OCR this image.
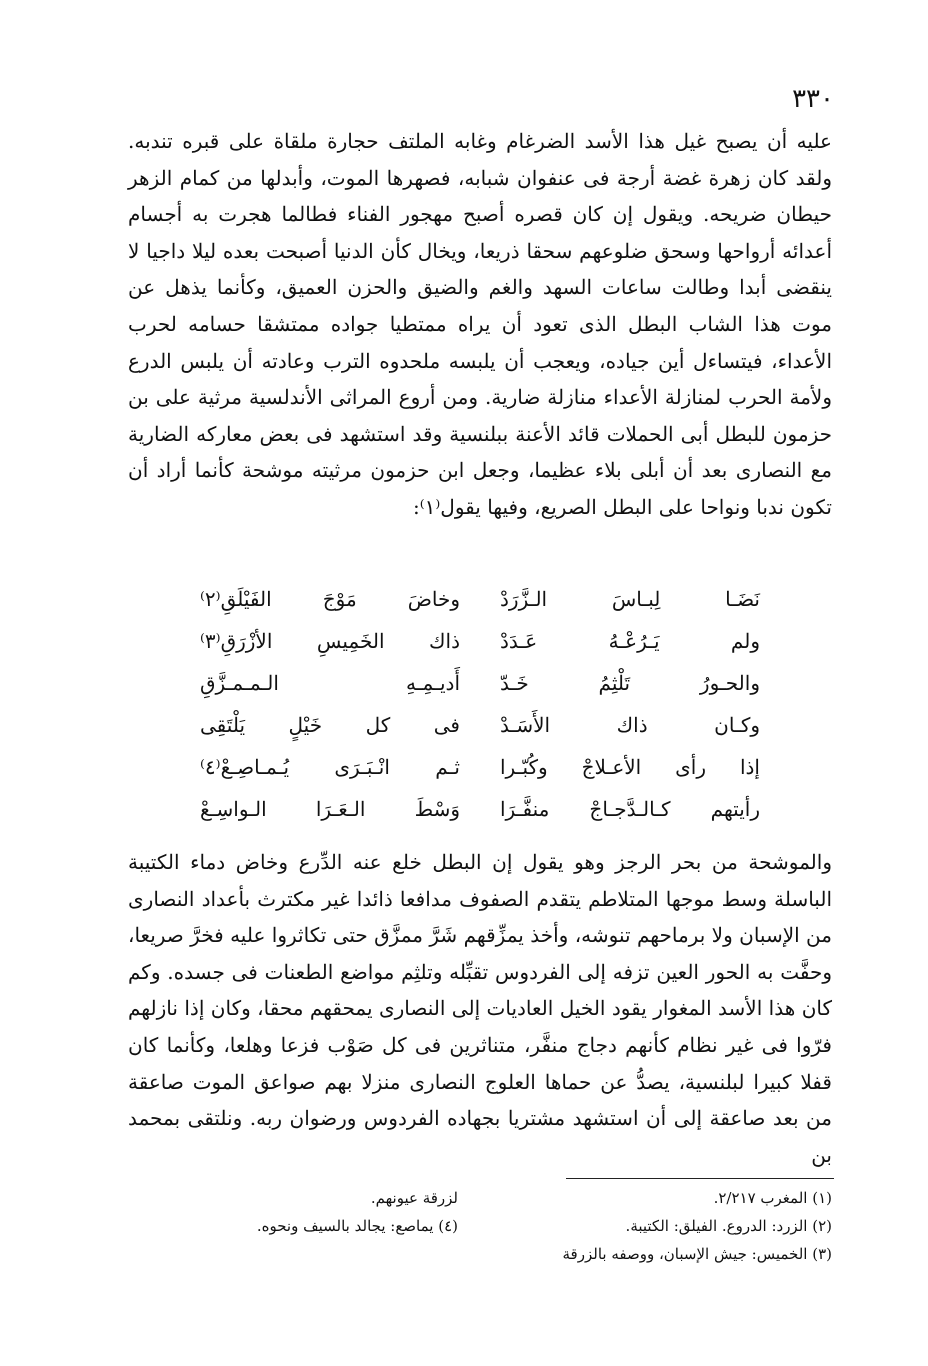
٣٣٠

عليه أن يصبح غيل هذا الأسد الضرغام وغابه الملتف حجارة ملقاة على قبره تندبه. ولقد كان زهرة غضة أرجة فى عنفوان شبابه، فصهرها الموت، وأبدلها من كمام الزهر حيطان ضريحه. ويقول إن كان قصره أصبح مهجور الفناء فطالما هجرت به أجسام أعدائه أرواحها وسحق ضلوعهم سحقا ذريعا، ويخال كأن الدنيا أصبحت بعده ليلا داجيا لا ينقضى أبدا وطالت ساعات السهد والغم والضيق والحزن العميق، وكأنما يذهل عن موت هذا الشاب البطل الذى تعود أن يراه ممتطيا جواده ممتشقا حسامه لحرب الأعداء، فيتساءل أين جياده، ويعجب أن يلبسه ملحدوه الترب وعادته أن يلبس الدرع ولأمة الحرب لمنازلة الأعداء منازلة ضارية. ومن أروع المراثى الأندلسية مرثية على بن حزمون للبطل أبى الحملات قائد الأعنة ببلنسية وقد استشهد فى بعض معاركه الضارية مع النصارى بعد أن أبلى بلاء عظيما، وجعل ابن حزمون مرثيته موشحة كأنما أراد أن تكون ندبا ونواحا على البطل الصريع، وفيها يقول⁽١⁾:

نَضَـا لِبـاسَ الـزَّرَدْ
وخاضَ مَوْجَ الفَيْلَقِ⁽٢⁾
ولم يَـرُعْـهُ عَـدَدْ
ذاك الخَمِيسِ الأزْرَقِ⁽٣⁾
والحـورُ تَلْثِمُ خَـدّ
أَديـمِـهِ الـمـمـزَّقِ
وكـان ذاك الأَسَـدْ
فى كل خَيْلٍ يَلْتَقِى
إذا رأى الأعـلاجْ وكُبّـرا
ثـم انْـبَـرَى يُـمـاصِـعْ⁽٤⁾
رأيتهم كـالـدَّجـاجْ منفَّـرَا
وَسْطَ الـعَـرَا الـواسِـعْ

والموشحة من بحر الرجز وهو يقول إن البطل خلع عنه الدِّرع وخاض دماء الكتيبة الباسلة وسط موجها المتلاطم يتقدم الصفوف مدافعا ذائدا غير مكترث بأعداد النصارى من الإسبان ولا برماحهم تنوشه، وأخذ يمزِّقهم شَرَّ ممزَّق حتى تكاثروا عليه فخرَّ صريعا، وحفَّت به الحور العين تزفه إلى الفردوس تقبِّله وتلثِم مواضع الطعنات فى جسده. وكم كان هذا الأسد المغوار يقود الخيل العاديات إلى النصارى يمحقهم محقا، وكان إذا نازلهم فرّوا فى غير نظام كأنهم دجاج منفَّر، متناثرين فى كل صَوْب فزعا وهلعا، وكأنما كان قفلا كبيرا لبلنسية، يصدُّ عن حماها العلوج النصارى منزلا بهم صواعق الموت صاعقة من بعد صاعقة إلى أن استشهد مشتريا بجهاده الفردوس ورضوان ربه. ونلتقى بمحمد بن

(١) المغرب ٢/٢١٧.
(٢) الزرد: الدروع. الفيلق: الكتيبة.
(٣) الخميس: جيش الإسبان، ووصفه بالزرقة
لزرقة عيونهم.
(٤) يماصع: يجالد بالسيف ونحوه.
